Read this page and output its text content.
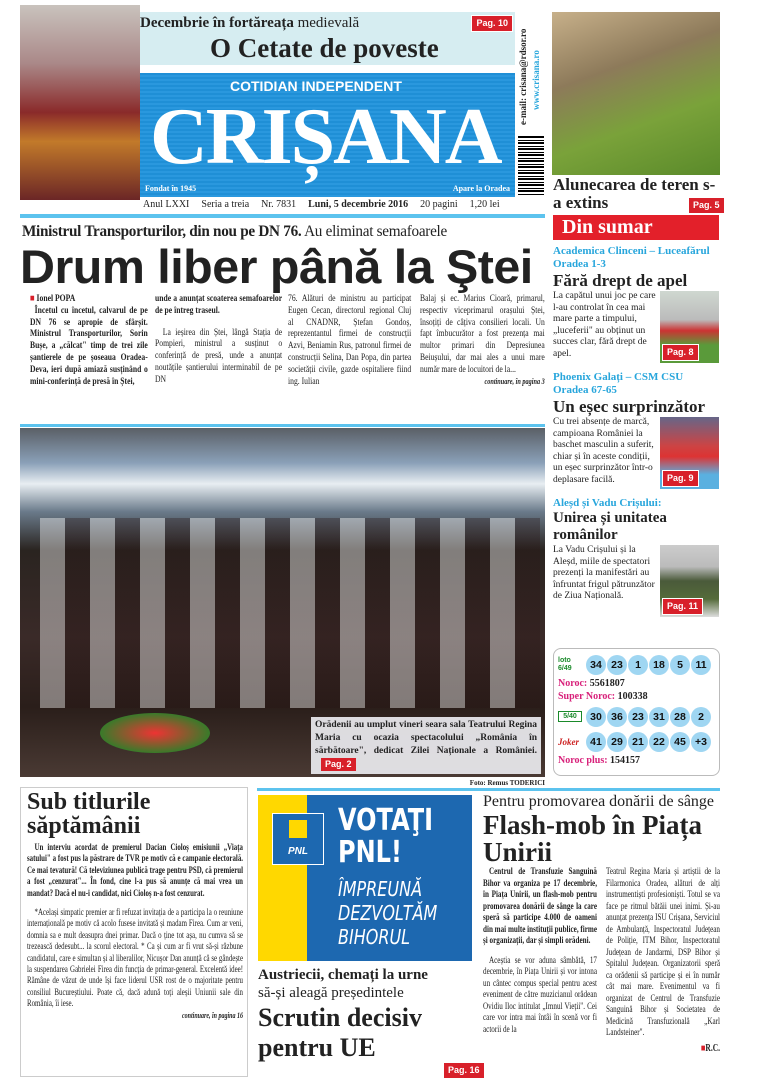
Decembrie în fortăreața medievală
O Cetate de poveste
Pag. 10
COTIDIAN INDEPENDENT
CRIȘANA
Fondat în 1945	Apare la Oradea
e-mail: crisana@rdsor.ro www.crisana.ro
Anul LXXI Seria a treia Nr. 7831 Luni, 5 decembrie 2016 20 pagini 1,20 lei
Alunecarea de teren s-a extins	Pag. 5
Din sumar
Academica Clinceni – Luceafărul Oradea 1-3
Fără drept de apel
La capătul unui joc pe care l-au controlat în cea mai mare parte a timpului, „luceferii" au obținut un succes clar, fără drept de apel.	Pag. 8
Phoenix Galați – CSM CSU Oradea 67-65
Un eșec surprinzător
Cu trei absențe de marcă, campioana României la baschet masculin a suferit, chiar și în aceste condiții, un eșec surprinzător într-o deplasare facilă.	Pag. 9
Aleșd și Vadu Crișului:
Unirea și unitatea românilor
La Vadu Crișului și la Aleșd, miile de spectatori prezenți la manifestări au înfruntat frigul pătrunzător de Ziua Națională.
Pag. 11
loto 6/49	34 23	1	18	5	11
Noroc: 5561807
Super Noroc: 100338
5/40	30 36 23 31 28	2
Joker	41 29 21 22 45 +3
Noroc plus: 154157
Ministrul Transporturilor, din nou pe DN 76. Au eliminat semafoarele
Drum liber până la Ştei
■ Ionel POPA
Încetul cu încetul, calvarul de pe DN 76 se apropie de sfârșit. Ministrul Transporturilor, Sorin Bușe, a „călcat" timp de trei zile șantierele de pe șoseaua Oradea-Deva, ieri după amiază susținând o mini-conferință de presă în Ștei,
unde a anunțat scoaterea semafoarelor de pe întreg traseul.
La ieșirea din Ștei, lângă Stația de Pompieri, ministrul a susținut o conferință de presă, unde a anunțat noutățile șantierului interminabil de pe DN
76. Alături de ministru au participat Eugen Cecan, directorul regional Cluj al CNADNR, Ștefan Gondoș, reprezentantul firmei de construcții Azvi, Beniamin Rus, patronul firmei de construcții Selina, Dan Popa, din partea societății civile, gazde ospitaliere fiind ing. Iulian
Balaj și ec. Marius Cioară, primarul, respectiv viceprimarul orașului Ștei, însoțiți de câțiva consilieri locali. Un fapt îmbucurător a fost prezența mai multor primari din Depresiunea Beiușului, dar mai ales a unui mare număr mare de locuitori de la...
continuare, în pagina 3
Orădenii au umplut vineri seara sala Teatrului Regina Maria cu ocazia spectacolului „România în sărbătoare", dedicat Zilei Naționale a României.Pag. 2
Foto: Remus TODERICI
Sub titlurile săptămânii
Un interviu acordat de premierul Dacian Cioloș emisiunii „Viața satului" a fost pus la păstrare de TVR pe motiv că e campanie electorală. Ce mai tevatură! Că televiziunea publică trage pentru PSD, că premierul a fost „cenzurat"... În fond, cine l-a pus să anunțe că mai vrea un mandat? Dacă el nu-i candidat, nici Cioloș n-a fost cenzurat.
*Același simpatic premier ar fi refuzat invitația de a participa la o reuniune internațională pe motiv că acolo fusese invitată și madam Firea. Cum ar veni, domnia sa e mult deasupra dnei primar. Dacă o ține tot așa, nu cumva să se trezească dedesubt... la scorul electoral. * Ca și cum ar fi vrut să-și răzbune candidatul, care e simultan și al liberalilor, Nicușor Dan anunță că se gândește la suspendarea Gabrielei Firea din funcția de primar-general. Excelentă idee! Rămâne de văzut de unde își face liderul USR rost de o majoritate pentru consiliul Bucureștiului. Poate că, dacă adună toți aleșii Uniunii sale din România, îi iese.
continuare, în pagina 16
PNL
VOTAŢI
PNL!
ÎMPREUNĂ
DEZVOLTĂM
BIHORUL
Austriecii, chemați la urne
să-și aleagă președintele
Scrutin decisiv pentru UE
Pag. 16
Pentru promovarea donării de sânge
Flash-mob în Piața Unirii
Centrul de Transfuzie Sanguină Bihor va organiza pe 17 decembrie, în Piața Unirii, un flash-mob pentru promovarea donării de sânge la care speră să participe 4.000 de oameni din mai multe instituții publice, firme și organizații, dar și simpli orădeni.
Aceștia se vor aduna sâmbătă, 17 decembrie, în Piața Unirii și vor intona un cântec compus special pentru acest eveniment de către muzicianul orădean Ovidiu Iloc intitulat „Imnul Vieții". Cei care vor intra mai întâi în scenă vor fi actorii de la
Teatrul Regina Maria și artiștii de la Filarmonica Oradea, alături de alți instrumentiști profesioniști. Totul se va face pe ritmul bătăii unei inimi. Și-au anunțat prezența ISU Crișana, Serviciul de Ambulanță, Inspectoratul Județean de Poliție, ITM Bihor, Inspectoratul Județean de Jandarmi, DSP Bihor și Spitalul Județean. Organizatorii speră ca orădenii să participe și ei în număr cât mai mare. Evenimentul va fi organizat de Centrul de Transfuzie Sanguină Bihor și Societatea de Medicină Transfuzională „Karl Landsteiner".
■R.C.
